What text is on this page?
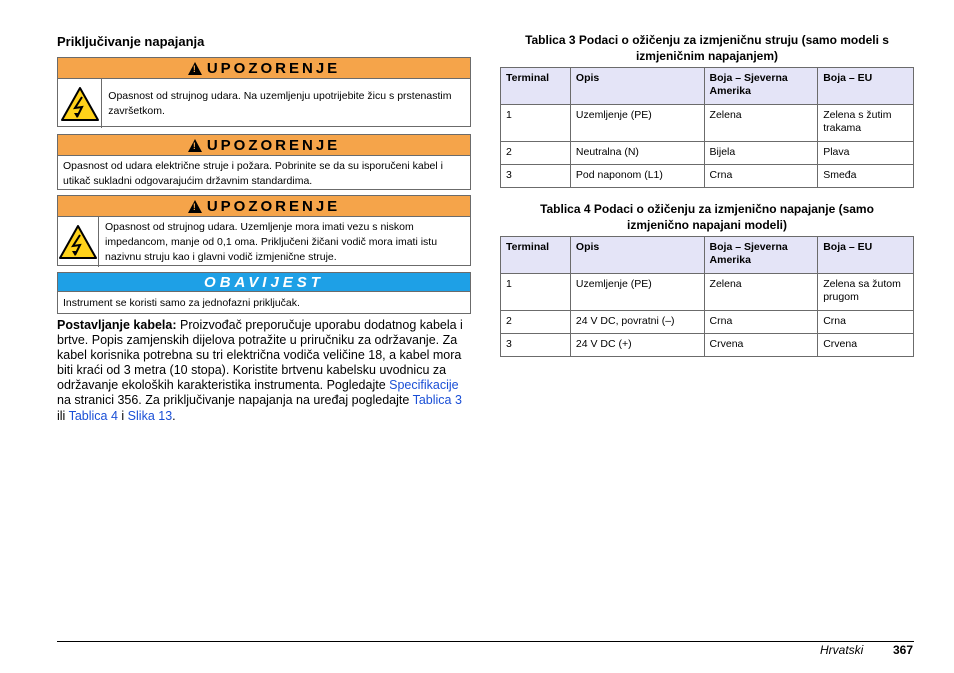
Priključivanje napajanja
!
UPOZORENJE
Opasnost od strujnog udara. Na uzemljenju upotrijebite žicu s prstenastim završetkom.
!
UPOZORENJE
Opasnost od udara električne struje i požara. Pobrinite se da su isporučeni kabel i utikač sukladni odgovarajućim državnim standardima.
!
UPOZORENJE
Opasnost od strujnog udara. Uzemljenje mora imati vezu s niskom impedancom, manje od 0,1 oma. Priključeni žičani vodič mora imati istu nazivnu struju kao i glavni vodič izmjenične struje.
OBAVIJEST
Instrument se koristi samo za jednofazni priključak.
Postavljanje kabela: Proizvođač preporučuje uporabu dodatnog kabela i brtve. Popis zamjenskih dijelova potražite u priručniku za održavanje. Za kabel korisnika potrebna su tri električna vodiča veličine 18, a kabel mora biti kraći od 3 metra (10 stopa). Koristite brtvenu kabelsku uvodnicu za održavanje ekoloških karakteristika instrumenta. Pogledajte Specifikacije na stranici 356. Za priključivanje napajanja na uređaj pogledajte Tablica 3 ili Tablica 4 i Slika 13.
Tablica 3 Podaci o ožičenju za izmjeničnu struju (samo modeli s
izmjeničnim napajanjem)
Terminal	Opis	Boja – Sjeverna Amerika	Boja – EU
1	Uzemljenje (PE)	Zelena	Zelena s žutim trakama
2	Neutralna (N)	Bijela	Plava
3	Pod naponom (L1)	Crna	Smeđa
Tablica 4 Podaci o ožičenju za izmjenično napajanje (samo
izmjenično napajani modeli)
Terminal	Opis	Boja – Sjeverna Amerika	Boja – EU
1	Uzemljenje (PE)	Zelena	Zelena sa žutom prugom
2	24 V DC, povratni (–)	Crna	Crna
3	24 V DC (+)	Crvena	Crvena
Hrvatski 367
